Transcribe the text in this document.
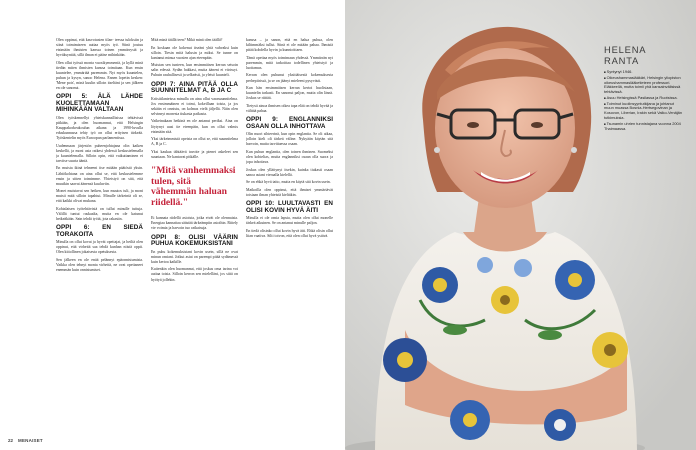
Olen oppinut, että kasvotusten tilan- teessa tuloksiin ja siinä toimimiseen auttaa myös työ. Siinä joutuu etsimään ihmisten kanssa toinen ymmärrystä ja hyväksyntää, sillä ilman ei pääse mihinkään.

Olen ollut työssä monta vuosikymmentä, ja kyllä minä tiedän miten ihmisten kanssa toimitaan. Kun ensin kuuntelee, ymmärtää paremmin. Nyt myös kuuntelen, puhun ja kysyn, sanoo Helena. Ennen lopetin kesken: 'Mene pois', minä kuulin silloin itseltäni ja sen jälkeen en ole sanonut.

OPPI 5: ÄLÄ LÄHDE KUOLETTAMAAN MIHINKÄÄN VALTAAN

Olen työskennellyt yhteiskunnallisissa tehtävissä pitkään, ja olen huomannut, että Helsingin Kauppakorkeakoulun aikana ja 1990-luvulla eduskunnassa tehty työ on ollut erityisen tärkeää. Työskentelin myös Euroopan parlamentissa.

Uudenmaan järjestön puheenjohtajana olin kaiken keskellä, ja moni asia ratkesi yhdessä keskustelemalla ja kuuntelemalla. Silloin opin, että vaikuttaminen ei tarvitse suurta ääntä.

En muista ikinä tehneeni itse mitään päätöstä yksin. Lähtökohtana on aina ollut se, että keskustelemme ensin ja sitten toimimme. Yhteistyö on sitä, että muutkin saavat äänensä kuuluviin.

Monet muistavat sen hetken, kun muutos tuli, ja moni muisti mitä silloin tapahtui. Minulle tärkeintä oli se, että kaikki olivat mukana.

Kohtalaisen työtehtävistä on tullut minulle tuttuja. Välillä tuntui raskaalta, mutta en ole katunut hetkeäkään. Sain tehdä työtä, jota rakastin.

OPPI 6: EN SIEDÄ TORAKOITA

Minulla on ollut kovat ja hyvät opettajat, ja heiltä olen oppinut, että virheitä saa tehdä kunhan niistä oppii. Olen kiitollinen jokaisesta opetuksesta.

Sen jälkeen en ole enää pelännyt epäonnistumista. Vaikka olen tehnyt monta virhettä, ne ovat opettaneet enemmän kuin onnistumiset.

Mitä minä täällä teen? Mikä minä olen täällä?

En koskaan ole kokenut itseäni yhtä vahvaksi kuin silloin. Tiesin mitä halusin ja miksi. Se tunne on kantanut minua vuosien ajan eteenpäin.

Muistan sen tunteen, kun ensimmäisen kerran seisoin salin edessä. Sydän hakkasi, mutta ääneni ei värissyt. Puhuin rauhallisesti ja selkeästi, ja yleisö kuunteli.

OPPI 7: AINA PITÄÄ OLLA SUUNNITELMAT A, B JA C

Kriisitilanteissa minulla on aina ollut varasuunnitelma. Jos ensimmäinen ei toimi, kokeillaan toista, ja jos sekään ei onnistu, on kolmas vielä jäljellä. Näin olen selvinnyt monesta tiukasta paikasta.

Vaikeinakaan hetkinä en ole antanut periksi. Aina on löytynyt uusi tie eteenpäin, kun on ollut valmis etsimään sitä.

Yksi tärkeimmistä opeista on ollut se, että suunnitelma A, B ja C.

Yksi kaukaa tähtäävä tavoite ja pienet askeleet sen suuntaan. Ne kantavat pitkälle.

"Mitä vanhemmaksi tulen, sitä vähemmän haluan riidellä."

Ei kannata riidellä asioista, jotka eivät ole olennaisia. Energiaa kannattaa säästää tärkeämpiin asioihin. Riitely vie voimia ja harvoin tuo ratkaisuja.

OPPI 8: OLISI VÄÄRIN PUHUA KOKEMUKSISTANI

En puhu kokemuksistani kovin usein, sillä ne ovat minun omiani. Jotkut asiat on parempi pitää sydämessä kuin kertoa kaikille.

Kuitenkin olen huomannut, että joskus oma tarina voi auttaa toisia. Silloin kerron sen mielelläni, jos siitä on hyötyä jollekin.

kanssa – ja sanon, että en halua puhua, olen kiltimmäksi tullut. Siinä ei ole mitään pahaa. Ihmisiä pitää kohdella hyvin ja kunnioittaen.

Tämä opettaa myös toimimaan yhdessä. Ymmärrän nyt paremmin, mitä tarkoittaa todellinen yhteistyö ja luottamus.

Kerran olen puhunut yksittäisestä kokemuksesta perhepiirissä, ja se on jäänyt mieleeni pysyvästi.

Kun hän ensimmäisen kerran kertoi huolistaan, kuuntelin tarkasti. En sanonut paljon, mutta olin läsnä. Joskus se riittää.

Tietysti ainoa ihmisen oikea tapa elää on tehdä hyvää ja välttää pahaa.

OPPI 9: ENGLANNIKSI OSAAN OLLA INHOTTAVA

Olin nuori sihteerinä, kun opin englantia. Se oli aikaa, jolloin kieli oli tärkeä väline. Nykyään käytän sitä harvoin, mutta tarvittaessa osaan.

Kun puhun englantia, olen toinen ihminen. Suomeksi olen kohtelias, mutta englanniksi osaan olla suora ja jopa inhottava.

Joskus olen yllättynyt itsekin, kuinka tiukasti osaan sanoa asiani vieraalla kielellä.

Se on ehkä hyvä taito, mutta en käytä sitä kovin usein.

Matkoilla olen oppinut, että ihmiset ymmärtävät toisiaan ilman yhteistä kieltäkin.

OPPI 10: LUULTAVASTI EN OLISI KOVIN HYVÄ ÄITI

Minulla ei ole omia lapsia, mutta olen ollut monelle tärkeä aikuinen. Se on antanut minulle paljon.

En tiedä olisinko ollut kovin hyvä äiti. Ehkä olisin ollut liian vaativa. Silti toivon, että olen ollut hyvä ystävä.

22 MENAISET
HELENA RANTA
■ Syntynyt 1946.
■ Oikeushammaslääkäri, Helsingin yliopiston oikeushammaslääketieteen professori. Eläkkeellä, mutta toimii yhä kansainvälisissä tehtävissä.
■ Asuu Helsingissä Pasilassa ja Ruotsissa.
■ Toiminut kuolinsyyntutkijana ja johtanut muun muassa Bosnia-Hertsegovinan ja Kosovon, Liberian, Irakin sekä Valko-Venäjän tutkimuksia.
■ Tsunamin uhrien tunnistajana vuonna 2004 Thaimaassa.
